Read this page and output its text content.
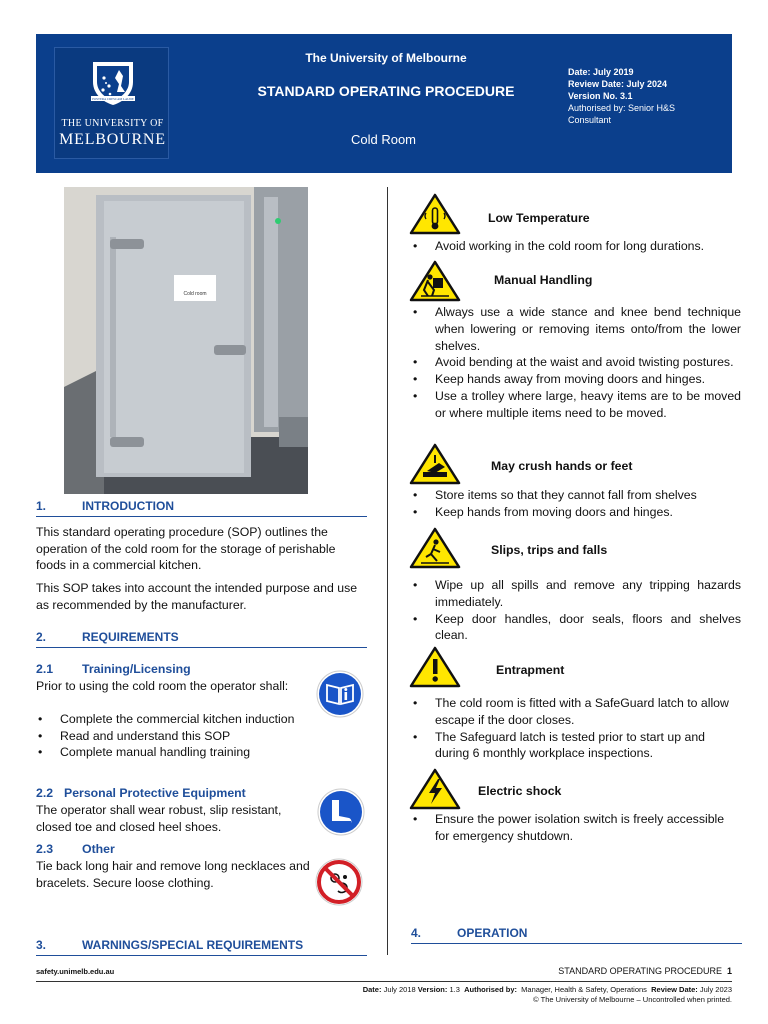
POSTERA CRESCAM LAUDE
THE UNIVERSITY OF
MELBOURNE
The University of Melbourne
STANDARD OPERATING PROCEDURE
Cold Room
Date: July 2019
Review Date: July 2024
Version No. 3.1
Authorised by: Senior H&S Consultant
Cold room
1.	INTRODUCTION
This standard operating procedure (SOP) outlines the operation of the cold room for the storage of perishable foods in a commercial kitchen.
This SOP takes into account the intended purpose and use as recommended by the manufacturer.
2.	REQUIREMENTS
2.1 Training/Licensing
Prior to using the cold room the operator shall:
• Complete the commercial kitchen induction
• Read and understand this SOP
• Complete manual handling training
2.2 Personal Protective Equipment
The operator shall wear robust, slip resistant, closed toe and closed heel shoes.
2.3 Other
Tie back long hair and remove long necklaces and bracelets. Secure loose clothing.
3.	WARNINGS/SPECIAL REQUIREMENTS
Low Temperature
• Avoid working in the cold room for long durations.
Manual Handling
• Always use a wide stance and knee bend technique when lowering or removing items onto/from the lower shelves.
• Avoid bending at the waist and avoid twisting postures.
• Keep hands away from moving doors and hinges.
• Use a trolley where large, heavy items are to be moved or where multiple items need to be moved.
May crush hands or feet
• Store items so that they cannot fall from shelves
• Keep hands from moving doors and hinges.
Slips, trips and falls
• Wipe up all spills and remove any tripping hazards immediately.
• Keep door handles, door seals, floors and shelves clean.
Entrapment
• The cold room is fitted with a SafeGuard latch to allow escape if the door closes.
• The Safeguard latch is tested prior to start up and during 6 monthly workplace inspections.
Electric shock
• Ensure the power isolation switch is freely accessible for emergency shutdown.
4.	OPERATION
safety.unimelb.edu.au	STANDARD OPERATING PROCEDURE 1
Date: July 2018 Version: 1.3 Authorised by: Manager, Health & Safety, Operations Review Date: July 2023
© The University of Melbourne – Uncontrolled when printed.
